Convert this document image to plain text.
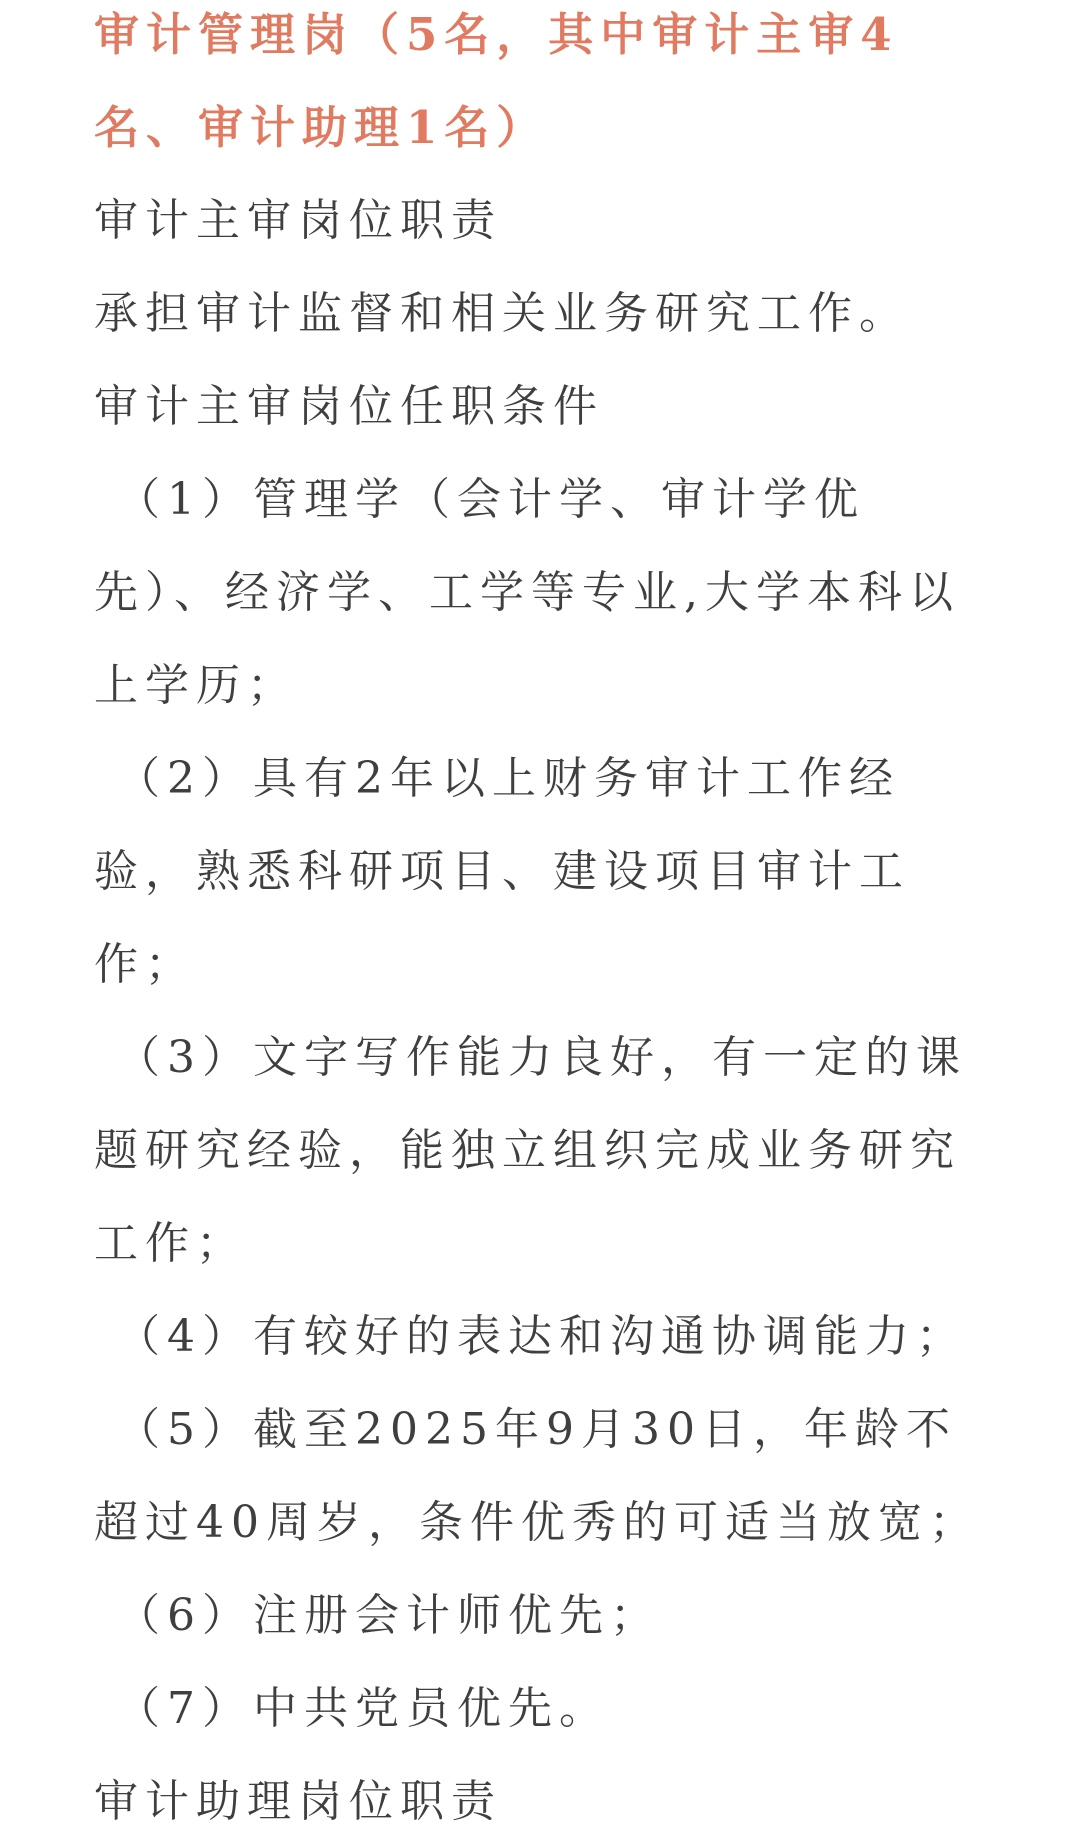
审计管理岗（5名，其中审计主审4名、审计助理1名）

审计主审岗位职责

承担审计监督和相关业务研究工作。

审计主审岗位任职条件

（1）管理学（会计学、审计学优先）、经济学、工学等专业,大学本科以上学历；

（2）具有2年以上财务审计工作经验，熟悉科研项目、建设项目审计工作；

（3）文字写作能力良好，有一定的课题研究经验，能独立组织完成业务研究工作；

（4）有较好的表达和沟通协调能力；

（5）截至2025年9月30日，年龄不超过40周岁，条件优秀的可适当放宽；

（6）注册会计师优先；

（7）中共党员优先。

审计助理岗位职责
